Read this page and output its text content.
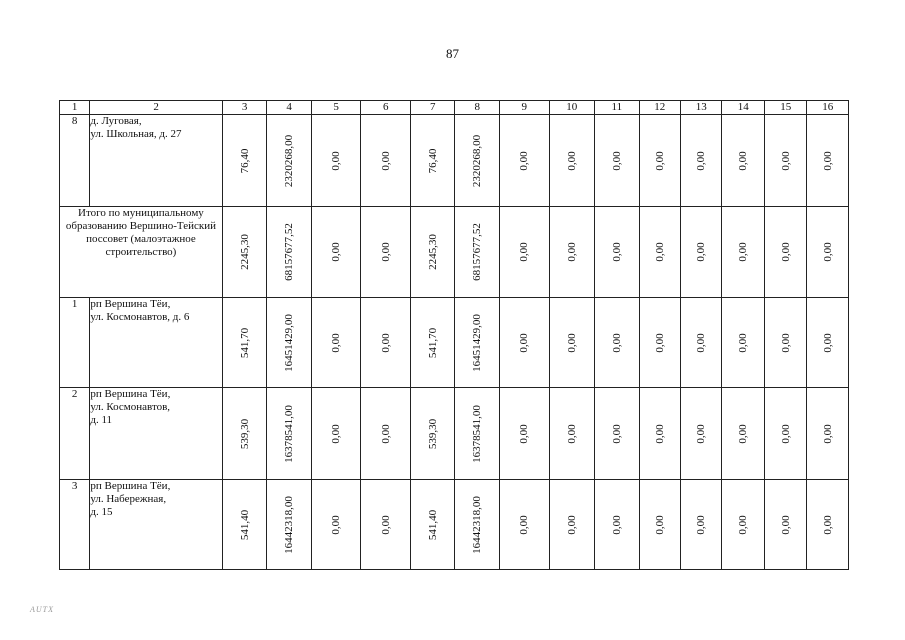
87
1	2	3	4	5	6	7	8	9	10	11	12	13	14	15	16
8	д. Луговая,
ул. Школьная, д. 27	76,40	2320268,00	0,00	0,00	76,40	2320268,00	0,00	0,00	0,00	0,00	0,00	0,00	0,00	0,00

Итого по муниципальному образованию Вершино-Тейский поссовет (малоэтажное строительство)		2245,30	68157677,52	0,00	0,00	2245,30	68157677,52	0,00	0,00	0,00	0,00	0,00	0,00	0,00	0,00

1	рп Вершина Тёи,
ул. Космонавтов, д. 6	541,70	16451429,00	0,00	0,00	541,70	16451429,00	0,00	0,00	0,00	0,00	0,00	0,00	0,00	0,00

2	рп Вершина Тёи,
ул. Космонавтов,
д. 11	539,30	16378541,00	0,00	0,00	539,30	16378541,00	0,00	0,00	0,00	0,00	0,00	0,00	0,00	0,00

3	рп Вершина Тёи,
ул. Набережная,
д. 15	541,40	16442318,00	0,00	0,00	541,40	16442318,00	0,00	0,00	0,00	0,00	0,00	0,00	0,00	0,00
AUTX
